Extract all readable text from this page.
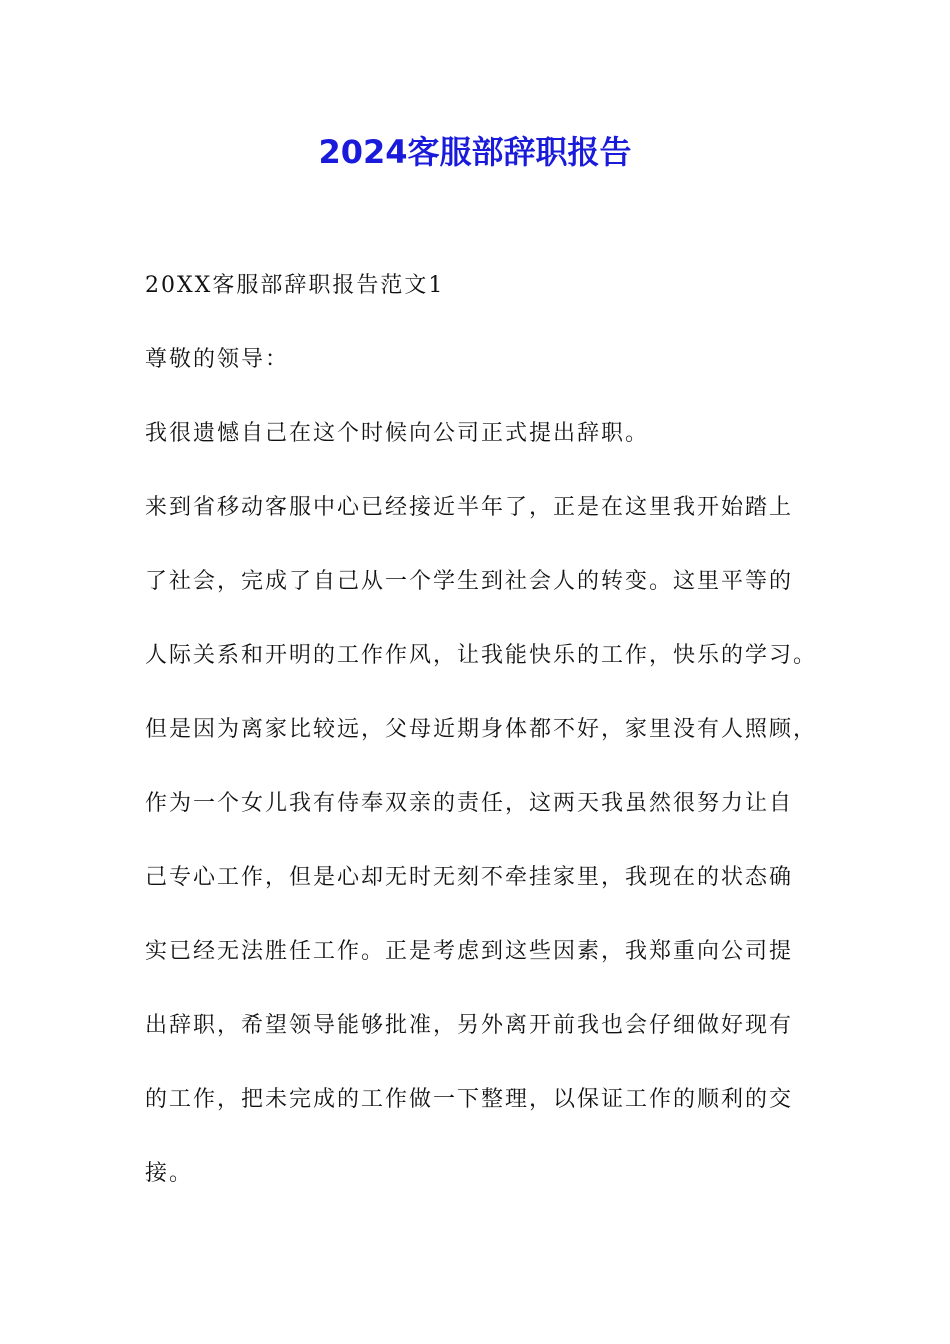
2024客服部辞职报告

20XX客服部辞职报告范文1

尊敬的领导：

我很遗憾自己在这个时候向公司正式提出辞职。

来到省移动客服中心已经接近半年了，正是在这里我开始踏上

了社会，完成了自己从一个学生到社会人的转变。这里平等的

人际关系和开明的工作作风，让我能快乐的工作，快乐的学习。

但是因为离家比较远，父母近期身体都不好，家里没有人照顾，

作为一个女儿我有侍奉双亲的责任，这两天我虽然很努力让自

己专心工作，但是心却无时无刻不牵挂家里，我现在的状态确

实已经无法胜任工作。正是考虑到这些因素，我郑重向公司提

出辞职，希望领导能够批准，另外离开前我也会仔细做好现有

的工作，把未完成的工作做一下整理，以保证工作的顺利的交

接。
